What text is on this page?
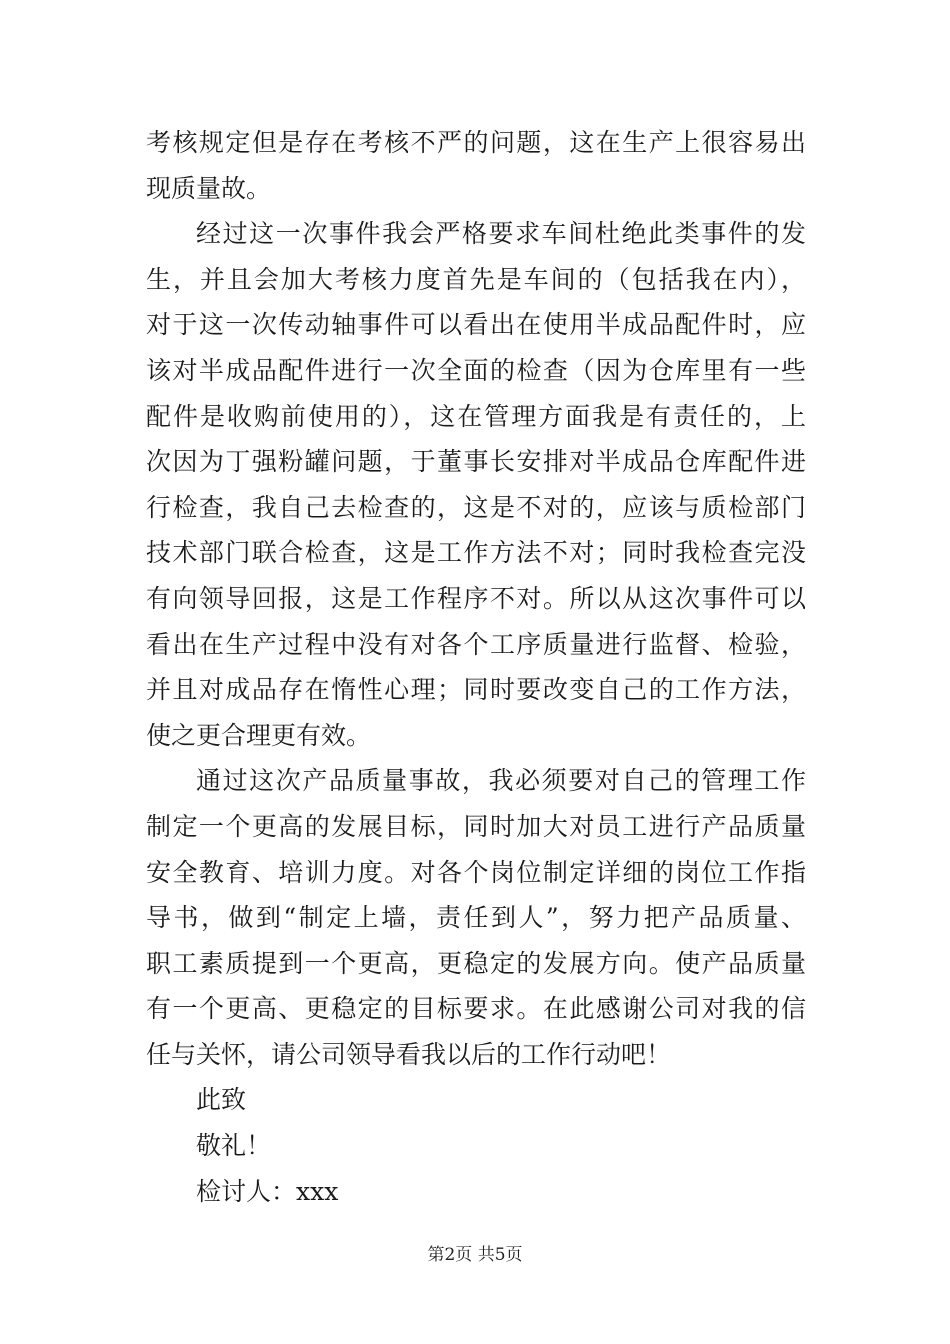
考核规定但是存在考核不严的问题，这在生产上很容易出
现质量故。
经过这一次事件我会严格要求车间杜绝此类事件的发
生，并且会加大考核力度首先是车间的（包括我在内），
对于这一次传动轴事件可以看出在使用半成品配件时，应
该对半成品配件进行一次全面的检查（因为仓库里有一些
配件是收购前使用的），这在管理方面我是有责任的，上
次因为丁强粉罐问题，于董事长安排对半成品仓库配件进
行检查，我自己去检查的，这是不对的，应该与质检部门
技术部门联合检查，这是工作方法不对；同时我检查完没
有向领导回报，这是工作程序不对。所以从这次事件可以
看出在生产过程中没有对各个工序质量进行监督、检验，
并且对成品存在惰性心理；同时要改变自己的工作方法，
使之更合理更有效。
通过这次产品质量事故，我必须要对自己的管理工作
制定一个更高的发展目标，同时加大对员工进行产品质量
安全教育、培训力度。对各个岗位制定详细的岗位工作指
导书，做到“制定上墙，责任到人”，努力把产品质量、
职工素质提到一个更高，更稳定的发展方向。使产品质量
有一个更高、更稳定的目标要求。在此感谢公司对我的信
任与关怀，请公司领导看我以后的工作行动吧！
此致
敬礼！
检讨人：xxx
第2页 共5页
